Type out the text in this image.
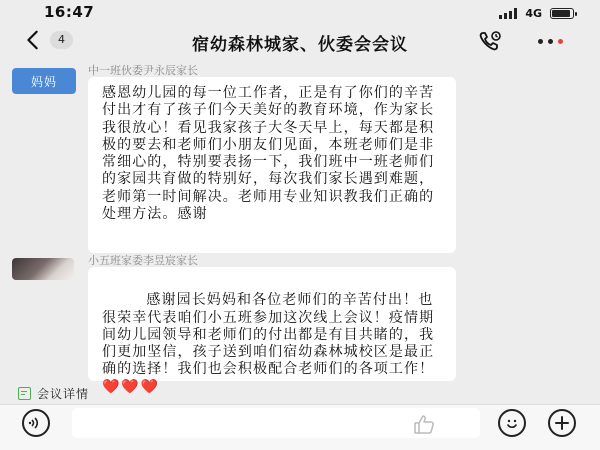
16:47	4G
4	宿幼森林城家、伙委会会议
妈妈
中一班伙委尹永辰家长
感恩幼儿园的每一位工作者，正是有了你们的辛苦付出才有了孩子们今天美好的教育环境，作为家长我很放心！看见我家孩子大冬天早上，每天都是积极的要去和老师们小朋友们见面，本班老师们是非常细心的，特别要表扬一下，我们班中一班老师们的家园共育做的特别好，每次我们家长遇到难题，老师第一时间解决。老师用专业知识教我们正确的处理方法。感谢
小五班家委李昱宸家长

感谢园长妈妈和各位老师们的辛苦付出！也很荣幸代表咱们小五班参加这次线上会议！疫情期间幼儿园领导和老师们的付出都是有目共睹的，我们更加坚信，孩子送到咱们宿幼森林城校区是最正确的选择！我们也会积极配合老师们的各项工作！❤️❤️❤️

会议详情
